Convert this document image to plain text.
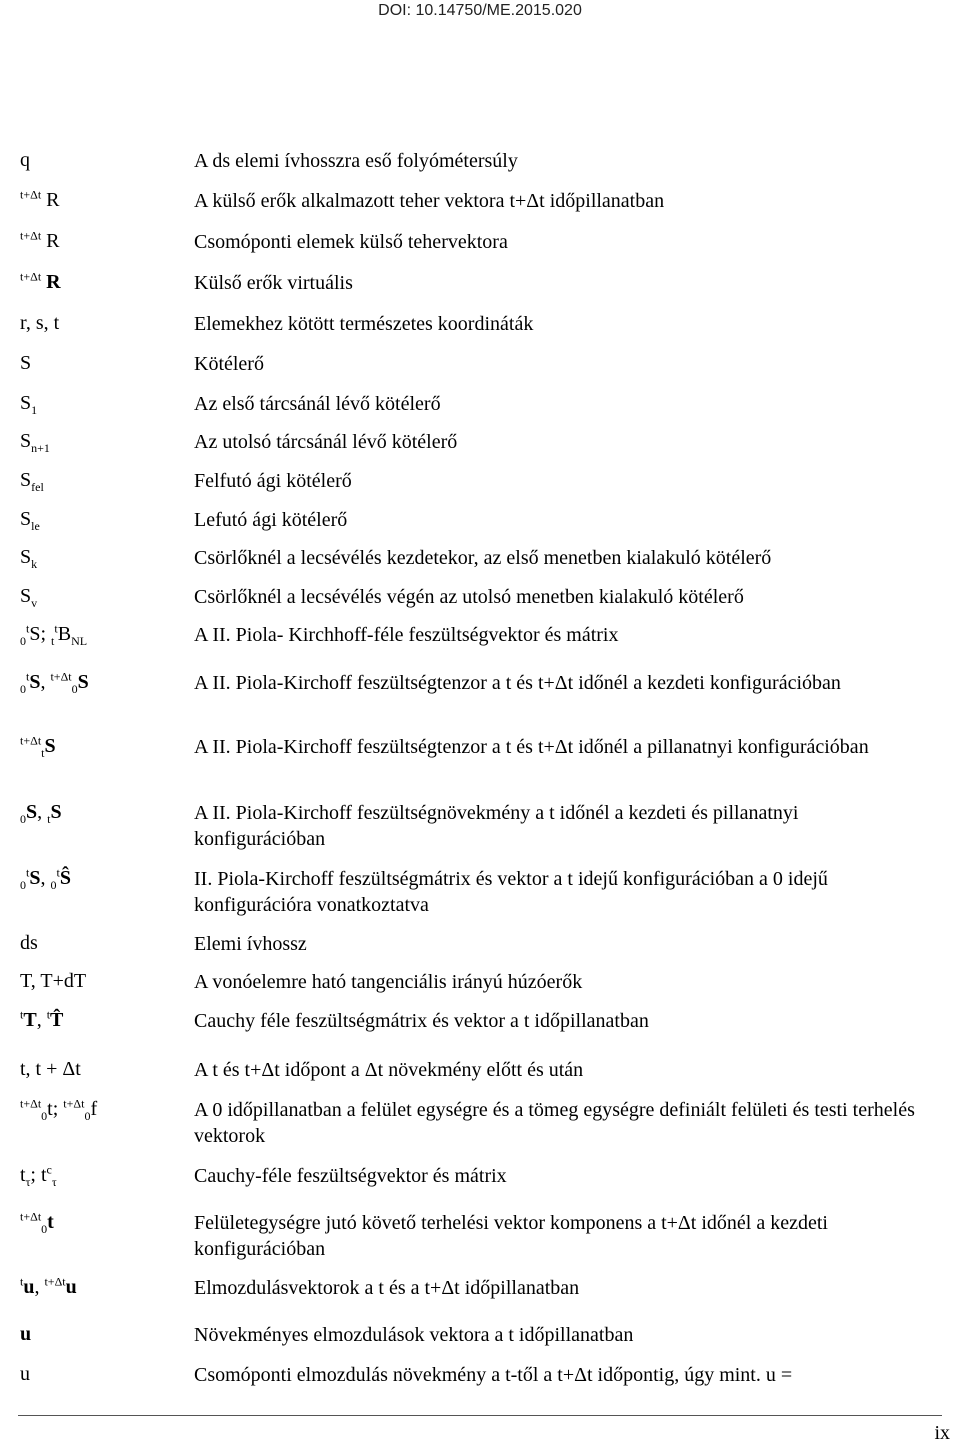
DOI: 10.14750/ME.2015.020
q	A ds elemi ívhosszra eső folyómétersúly
$^{t+\Delta t}$ R	A külső erők alkalmazott teher vektora t+Δt időpillanatban
$^{t+\Delta t}$ R	Csomóponti elemek külső tehervektora
$^{t+\Delta t}$ R	Külső erők virtuális
r, s, t	Elemekhez kötött természetes koordináták
S	Kötélerő
$S_1$	Az első tárcsánál lévő kötélerő
$S_{n+1}$	Az utolsó tárcsánál lévő kötélerő
$S_{fel}$	Felfutó ági kötélerő
$S_{le}$	Lefutó ági kötélerő
$S_k$	Csörlőknél a lecsévélés kezdetekor, az első menetben kialakuló kötélerő
$S_v$	Csörlőknél a lecsévélés végén az utolsó menetben kialakuló kötélerő
$_0^t$S; $_t^tB_{NL}$	A II. Piola- Kirchhoff-féle feszültségvektor és mátrix
$_0^t$S, $^{t+\Delta t}_0$S	A II. Piola-Kirchoff feszültségtenzor a t és t+Δt időnél a kezdeti konfigurációban
$^{t+\Delta t}_t$S	A II. Piola-Kirchoff feszültségtenzor a t és t+Δt időnél a pillanatnyi konfigurációban
$_0$S, $_t$S	A II. Piola-Kirchoff feszültségnövekmény a t időnél a kezdeti és pillanatnyi konfigurációban
$_0^t$S, $_0^t$Ŝ	II. Piola-Kirchoff feszültségmátrix és vektor a t idejű konfigurációban a 0 idejű konfigurációra vonatkoztatva
ds	Elemi ívhossz
T, T+dT	A vonóelemre ható tangenciális irányú húzóerők
$^t$T, $^t$T̂	Cauchy féle feszültségmátrix és vektor a t időpillanatban
t, t + Δt	A t és t+Δt időpont a Δt növekmény előtt és után
$^{t+\Delta t}_0$t; $^{t+\Delta t}_0$f	A 0 időpillanatban a felület egységre és a tömeg egységre definiált felületi és testi terhelés vektorok
$t_\tau$; $t^c_\tau$	Cauchy-féle feszültségvektor és mátrix
$^{t+\Delta t}_0$t	Felületegységre jutó követő terhelési vektor komponens a t+Δt időnél a kezdeti konfigurációban
$^t$u, $^{t+\Delta t}$u	Elmozdulásvektorok a t és a t+Δt időpillanatban
u	Növekményes elmozdulások vektora a t időpillanatban
u	Csomóponti elmozdulás növekmény a t-től a t+Δt időpontig, úgy mint. u =
ix
